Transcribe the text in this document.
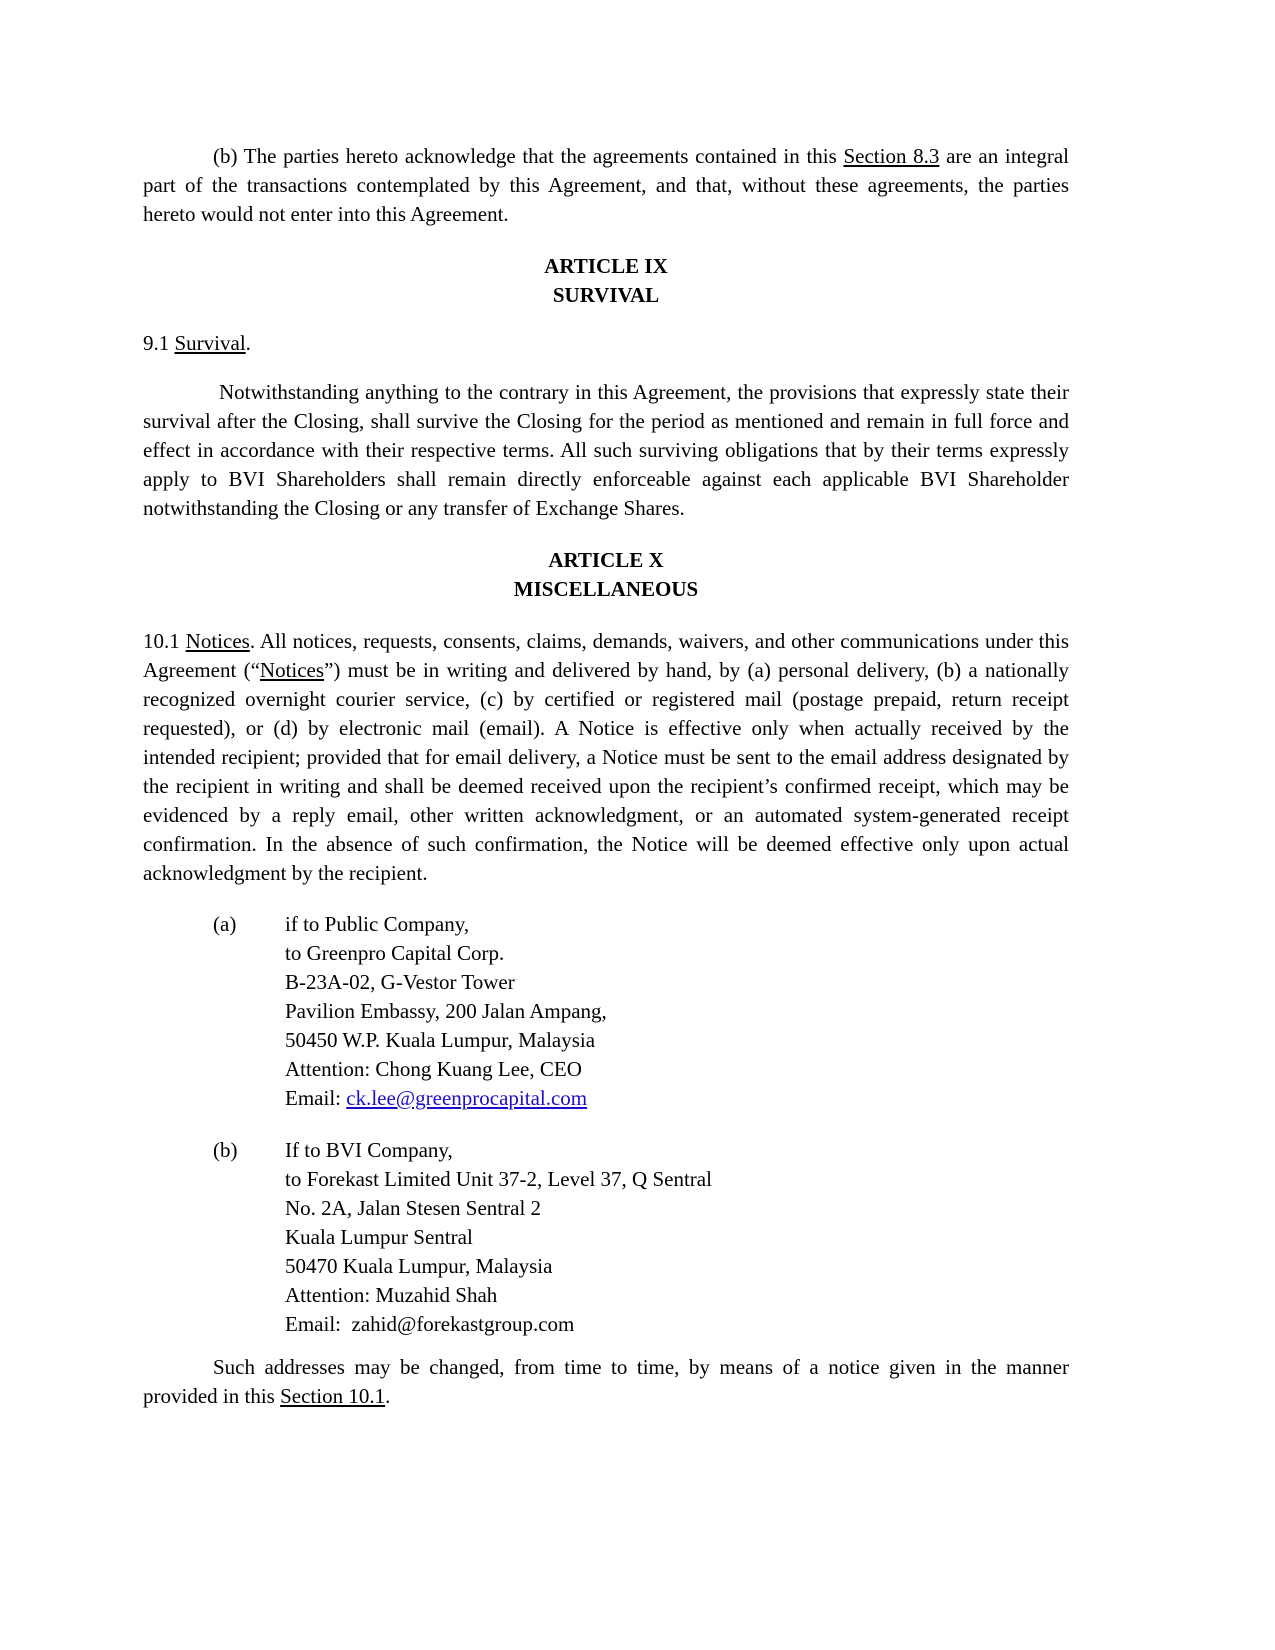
(b) The parties hereto acknowledge that the agreements contained in this Section 8.3 are an integral part of the transactions contemplated by this Agreement, and that, without these agreements, the parties hereto would not enter into this Agreement.
ARTICLE IX
SURVIVAL
9.1 Survival.
Notwithstanding anything to the contrary in this Agreement, the provisions that expressly state their survival after the Closing, shall survive the Closing for the period as mentioned and remain in full force and effect in accordance with their respective terms. All such surviving obligations that by their terms expressly apply to BVI Shareholders shall remain directly enforceable against each applicable BVI Shareholder notwithstanding the Closing or any transfer of Exchange Shares.
ARTICLE X
MISCELLANEOUS
10.1 Notices. All notices, requests, consents, claims, demands, waivers, and other communications under this Agreement (“Notices”) must be in writing and delivered by hand, by (a) personal delivery, (b) a nationally recognized overnight courier service, (c) by certified or registered mail (postage prepaid, return receipt requested), or (d) by electronic mail (email). A Notice is effective only when actually received by the intended recipient; provided that for email delivery, a Notice must be sent to the email address designated by the recipient in writing and shall be deemed received upon the recipient’s confirmed receipt, which may be evidenced by a reply email, other written acknowledgment, or an automated system-generated receipt confirmation. In the absence of such confirmation, the Notice will be deemed effective only upon actual acknowledgment by the recipient.
(a) if to Public Company,
to Greenpro Capital Corp.
B-23A-02, G-Vestor Tower
Pavilion Embassy, 200 Jalan Ampang,
50450 W.P. Kuala Lumpur, Malaysia
Attention: Chong Kuang Lee, CEO
Email: ck.lee@greenprocapital.com
(b) If to BVI Company,
to Forekast Limited Unit 37-2, Level 37, Q Sentral
No. 2A, Jalan Stesen Sentral 2
Kuala Lumpur Sentral
50470 Kuala Lumpur, Malaysia
Attention: Muzahid Shah
Email:  zahid@forekastgroup.com
Such addresses may be changed, from time to time, by means of a notice given in the manner provided in this Section 10.1.
